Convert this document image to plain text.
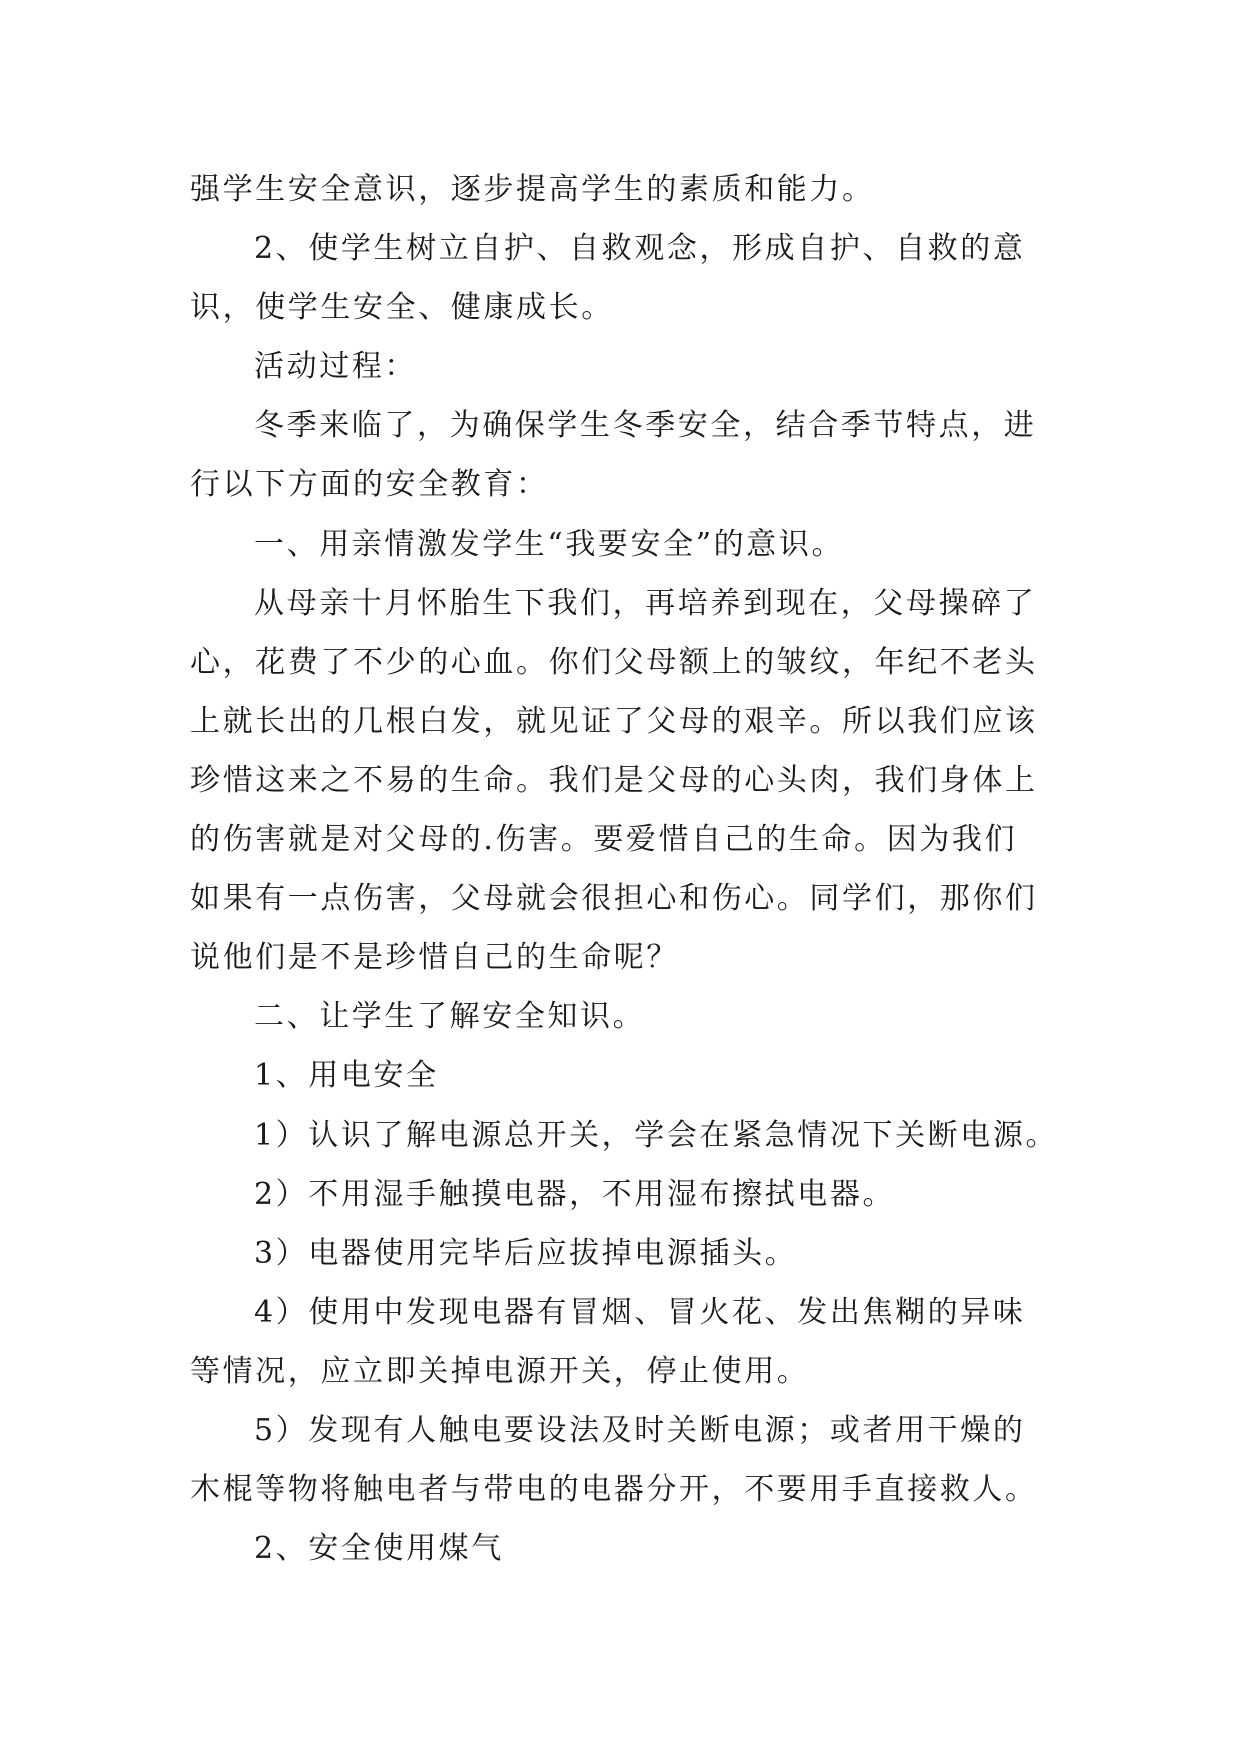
强学生安全意识，逐步提高学生的素质和能力。
2、使学生树立自护、自救观念，形成自护、自救的意
识，使学生安全、健康成长。
活动过程：
冬季来临了，为确保学生冬季安全，结合季节特点，进
行以下方面的安全教育：
一、用亲情激发学生“我要安全”的意识。
从母亲十月怀胎生下我们，再培养到现在，父母操碎了
心，花费了不少的心血。你们父母额上的皱纹，年纪不老头
上就长出的几根白发，就见证了父母的艰辛。所以我们应该
珍惜这来之不易的生命。我们是父母的心头肉，我们身体上
的伤害就是对父母的.伤害。要爱惜自己的生命。因为我们
如果有一点伤害，父母就会很担心和伤心。同学们，那你们
说他们是不是珍惜自己的生命呢？
二、让学生了解安全知识。
1、用电安全
1）认识了解电源总开关，学会在紧急情况下关断电源。
2）不用湿手触摸电器，不用湿布擦拭电器。
3）电器使用完毕后应拔掉电源插头。
4）使用中发现电器有冒烟、冒火花、发出焦糊的异味
等情况，应立即关掉电源开关，停止使用。
5）发现有人触电要设法及时关断电源；或者用干燥的
木棍等物将触电者与带电的电器分开，不要用手直接救人。
2、安全使用煤气
